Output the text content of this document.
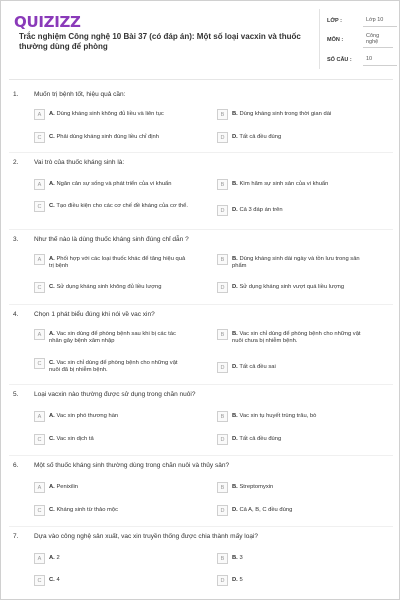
QUIZIZZ
Trắc nghiệm Công nghệ 10 Bài 37 (có đáp án): Một số loại vacxin và thuốc thường dùng để phòng
LỚP :	Lớp 10
MÔN :
Công nghệ
SỐ CÂU :	10
1. Muốn trị bệnh tốt, hiệu quả cần:
A	A. Dùng kháng sinh không đủ liều và liên tục	B	B. Dùng kháng sinh trong thời gian dài
C	C. Phải dùng kháng sinh đúng liều chỉ định	D	D. Tất cả đều đúng
2. Vai trò của thuốc kháng sinh là:
A	A. Ngăn cản sự sống và phát triển của vi khuẩn	B	B. Kìm hãm sự sinh sản của vi khuẩn
C	C. Tạo điều kiện cho các cơ chế đề kháng của cơ thể.
D	D. Cả 3 đáp án trên
3. Như thế nào là dùng thuốc kháng sinh đúng chỉ dẫn ?
A	A. Phối hợp với các loại thuốc khác để tăng hiệu quả trị bệnh
B	B. Dùng kháng sinh dài ngày và tồn lưu trong sản phẩm
C	C. Sử dụng kháng sinh không đủ liều lượng	D	D. Sử dụng kháng sinh vượt quá liều lượng
4. Chọn 1 phát biểu đúng khi nói về vac xin?
A	A. Vac xin dùng để phòng bệnh sau khi bị các tác nhân gây bệnh xâm nhập
B	B. Vac xin chỉ dùng để phòng bệnh cho những vật nuôi chưa bị nhiễm bệnh.
C	C. Vac xin chỉ dùng để phòng bệnh cho những vật nuôi đã bị nhiễm bệnh.	D	D. Tất cả đều sai
5. Loại vacxin nào thường được sử dụng trong chăn nuôi?
A	A. Vac xin phó thương hàn	B	B. Vac xin tụ huyết trùng trâu, bò
C	C. Vac xin dịch tả	D	D. Tất cả đều đúng
6. Một số thuốc kháng sinh thường dùng trong chăn nuôi và thủy sản?
A	A. Penixilin	B	B. Streptomyxin
C	C. Kháng sinh từ thảo mộc	D	D. Cả A, B, C đều đúng
7. Dựa vào công nghệ sản xuất, vac xin truyền thống được chia thành mấy loại?
A	A. 2	B	B. 3
C	C. 4	D	D. 5
